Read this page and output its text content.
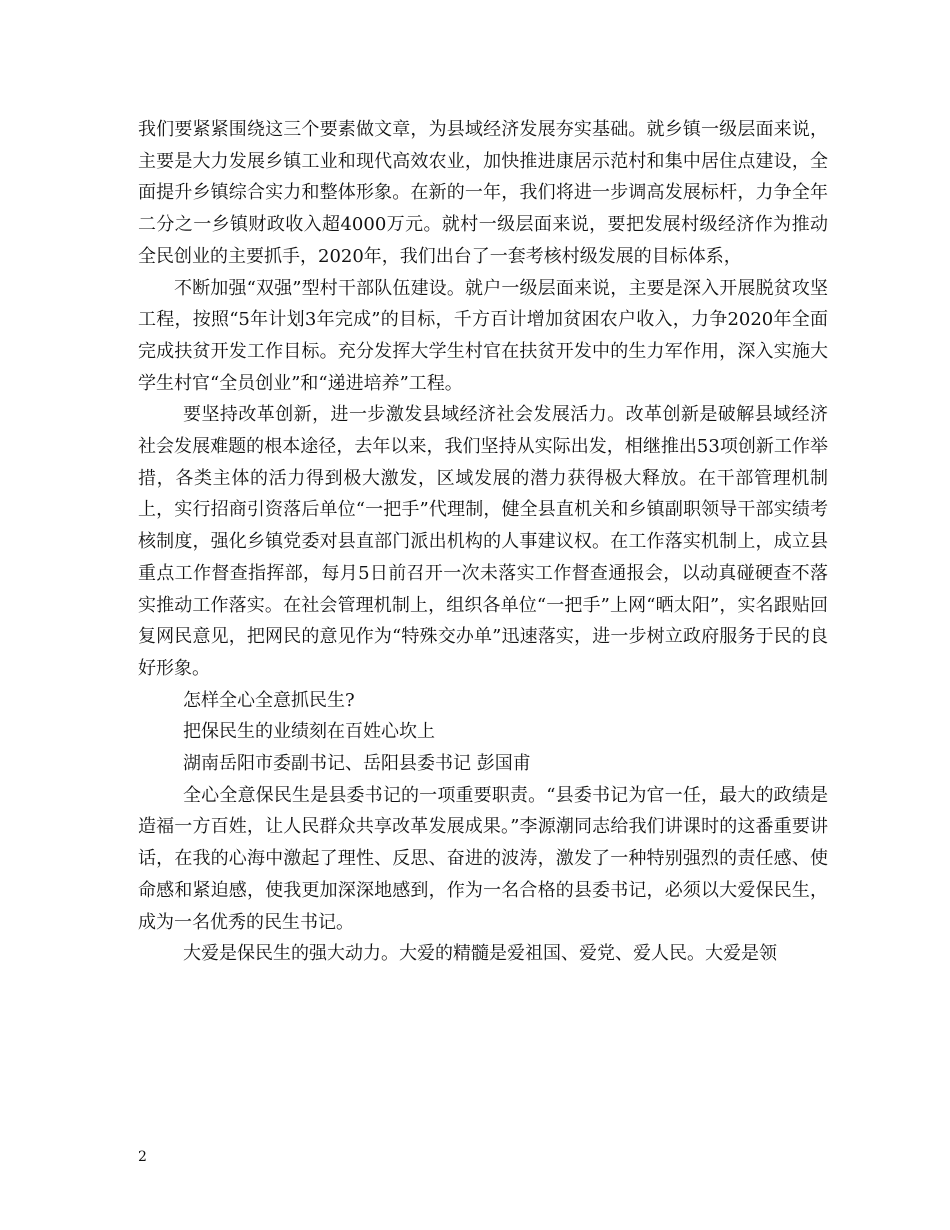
我们要紧紧围绕这三个要素做文章，为县域经济发展夯实基础。就乡镇一级层面来说，主要是大力发展乡镇工业和现代高效农业，加快推进康居示范村和集中居住点建设，全面提升乡镇综合实力和整体形象。在新的一年，我们将进一步调高发展标杆，力争全年二分之一乡镇财政收入超4000万元。就村一级层面来说，要把发展村级经济作为推动全民创业的主要抓手，2020年，我们出台了一套考核村级发展的目标体系，

不断加强“双强”型村干部队伍建设。就户一级层面来说，主要是深入开展脱贫攻坚工程，按照“5年计划3年完成”的目标，千方百计增加贫困农户收入，力争2020年全面完成扶贫开发工作目标。充分发挥大学生村官在扶贫开发中的生力军作用，深入实施大学生村官“全员创业”和“递进培养”工程。

要坚持改革创新，进一步激发县域经济社会发展活力。改革创新是破解县域经济社会发展难题的根本途径，去年以来，我们坚持从实际出发，相继推出53项创新工作举措，各类主体的活力得到极大激发，区域发展的潜力获得极大释放。在干部管理机制上，实行招商引资落后单位“一把手”代理制，健全县直机关和乡镇副职领导干部实绩考核制度，强化乡镇党委对县直部门派出机构的人事建议权。在工作落实机制上，成立县重点工作督查指挥部，每月5日前召开一次未落实工作督查通报会，以动真碰硬查不落实推动工作落实。在社会管理机制上，组织各单位“一把手”上网“晒太阳”，实名跟贴回复网民意见，把网民的意见作为“特殊交办单”迅速落实，进一步树立政府服务于民的良好形象。

怎样全心全意抓民生?

把保民生的业绩刻在百姓心坎上

湖南岳阳市委副书记、岳阳县委书记 彭国甫

全心全意保民生是县委书记的一项重要职责。“县委书记为官一任，最大的政绩是造福一方百姓，让人民群众共享改革发展成果。”李源潮同志给我们讲课时的这番重要讲话，在我的心海中激起了理性、反思、奋进的波涛，激发了一种特别强烈的责任感、使命感和紧迫感，使我更加深深地感到，作为一名合格的县委书记，必须以大爱保民生，成为一名优秀的民生书记。

大爱是保民生的强大动力。大爱的精髓是爱祖国、爱党、爱人民。大爱是领

2
